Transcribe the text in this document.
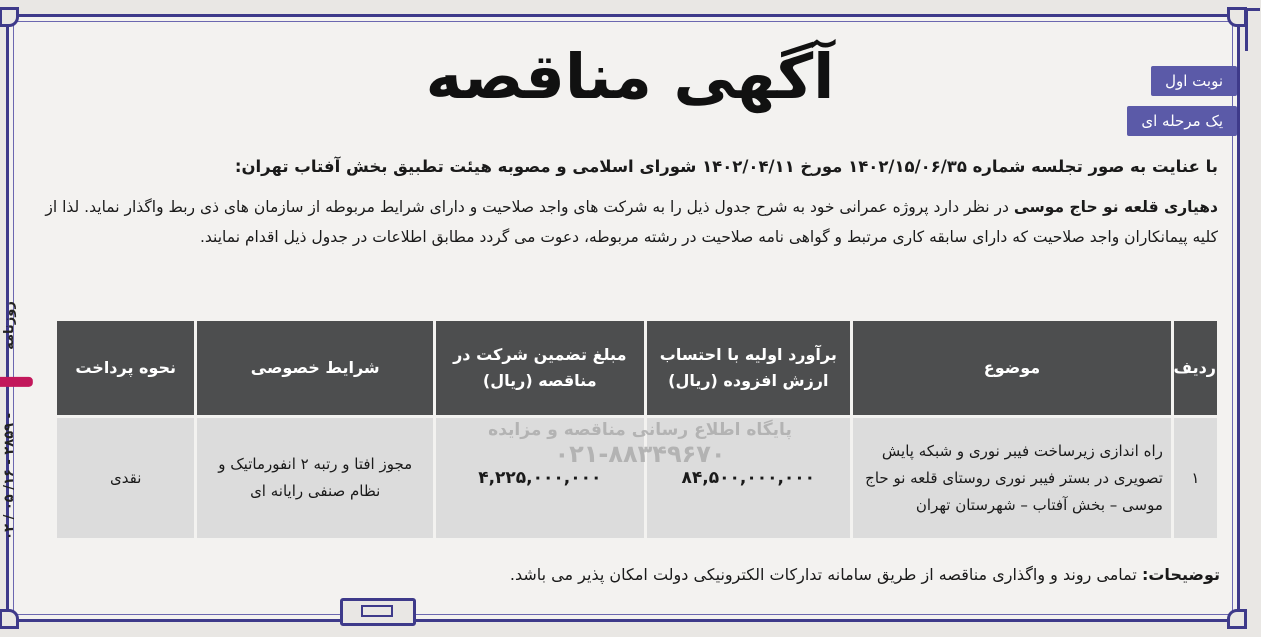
آگهی مناقصه	نوبت اول
یک مرحله ای
روزنامه  - ۲۸۵۹ - ۱۶/ ۰۵ / ۰۲
با عنایت به صور تجلسه شماره ۱۴۰۲/۱۵/۰۶/۳۵ مورخ ۱۴۰۲/۰۴/۱۱ شورای اسلامی و مصوبه هیئت تطبیق بخش آفتاب تهران:
دهیاری قلعه نو حاج موسی در نظر دارد پروژه عمرانی خود به شرح جدول ذیل را به شرکت های واجد صلاحیت و دارای شرایط مربوطه از سازمان های ذی ربط واگذار نماید. لذا از کلیه پیمانکاران واجد صلاحیت که دارای سابقه کاری مرتبط و گواهی نامه صلاحیت در رشته مربوطه، دعوت می گردد مطابق اطلاعات در جدول ذیل اقدام نمایند.
ردیف	موضوع	برآورد اولیه با احتساب ارزش افزوده (ریال)	مبلغ تضمین شرکت در مناقصه (ریال)	شرایط خصوصی	نحوه پرداخت
۱	راه اندازی زیرساخت فیبر نوری و شبکه پایش تصویری در بستر فیبر نوری روستای قلعه نو حاج موسی – بخش آفتاب – شهرستان تهران	۸۴,۵۰۰,۰۰۰,۰۰۰	۴,۲۲۵,۰۰۰,۰۰۰	مجوز افتا و رتبه ۲ انفورماتیک و نظام صنفی رایانه ای	نقدی
پایگاه اطلاع رسانی مناقصه و مزایده
۰۲۱-۸۸۳۴۹۶۷۰
توضیحات: تمامی روند و واگذاری مناقصه از طریق سامانه تدارکات الکترونیکی دولت امکان پذیر می باشد.
